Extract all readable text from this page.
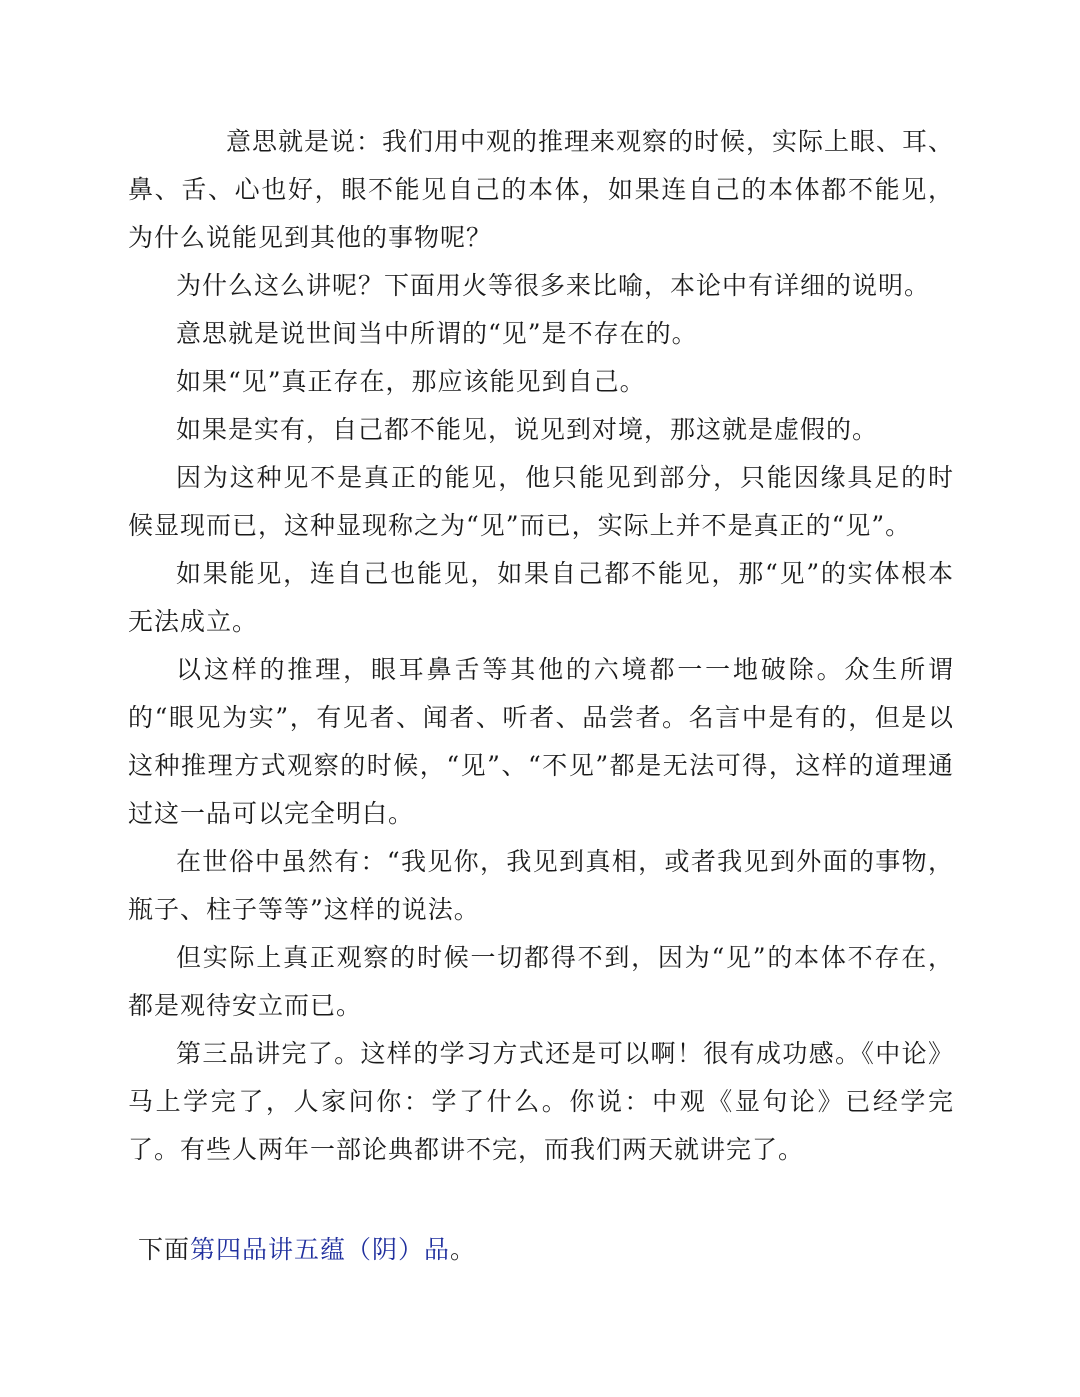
意思就是说：我们用中观的推理来观察的时候，实际上眼、耳、鼻、舌、心也好，眼不能见自己的本体，如果连自己的本体都不能见，为什么说能见到其他的事物呢？

为什么这么讲呢？下面用火等很多来比喻，本论中有详细的说明。

意思就是说世间当中所谓的“见”是不存在的。

如果“见”真正存在，那应该能见到自己。

如果是实有，自己都不能见，说见到对境，那这就是虚假的。

因为这种见不是真正的能见，他只能见到部分，只能因缘具足的时候显现而已，这种显现称之为“见”而已，实际上并不是真正的“见”。

如果能见，连自己也能见，如果自己都不能见，那“见”的实体根本无法成立。

以这样的推理，眼耳鼻舌等其他的六境都一一地破除。众生所谓的“眼见为实”，有见者、闻者、听者、品尝者。名言中是有的，但是以这种推理方式观察的时候，“见”、“不见”都是无法可得，这样的道理通过这一品可以完全明白。

在世俗中虽然有：“我见你，我见到真相，或者我见到外面的事物，瓶子、柱子等等”这样的说法。

但实际上真正观察的时候一切都得不到，因为“见”的本体不存在，都是观待安立而已。

第三品讲完了。这样的学习方式还是可以啊！很有成功感。《中论》马上学完了，人家问你：学了什么。你说：中观《显句论》已经学完了。有些人两年一部论典都讲不完，而我们两天就讲完了。

下面第四品讲五蕴（阴）品。
